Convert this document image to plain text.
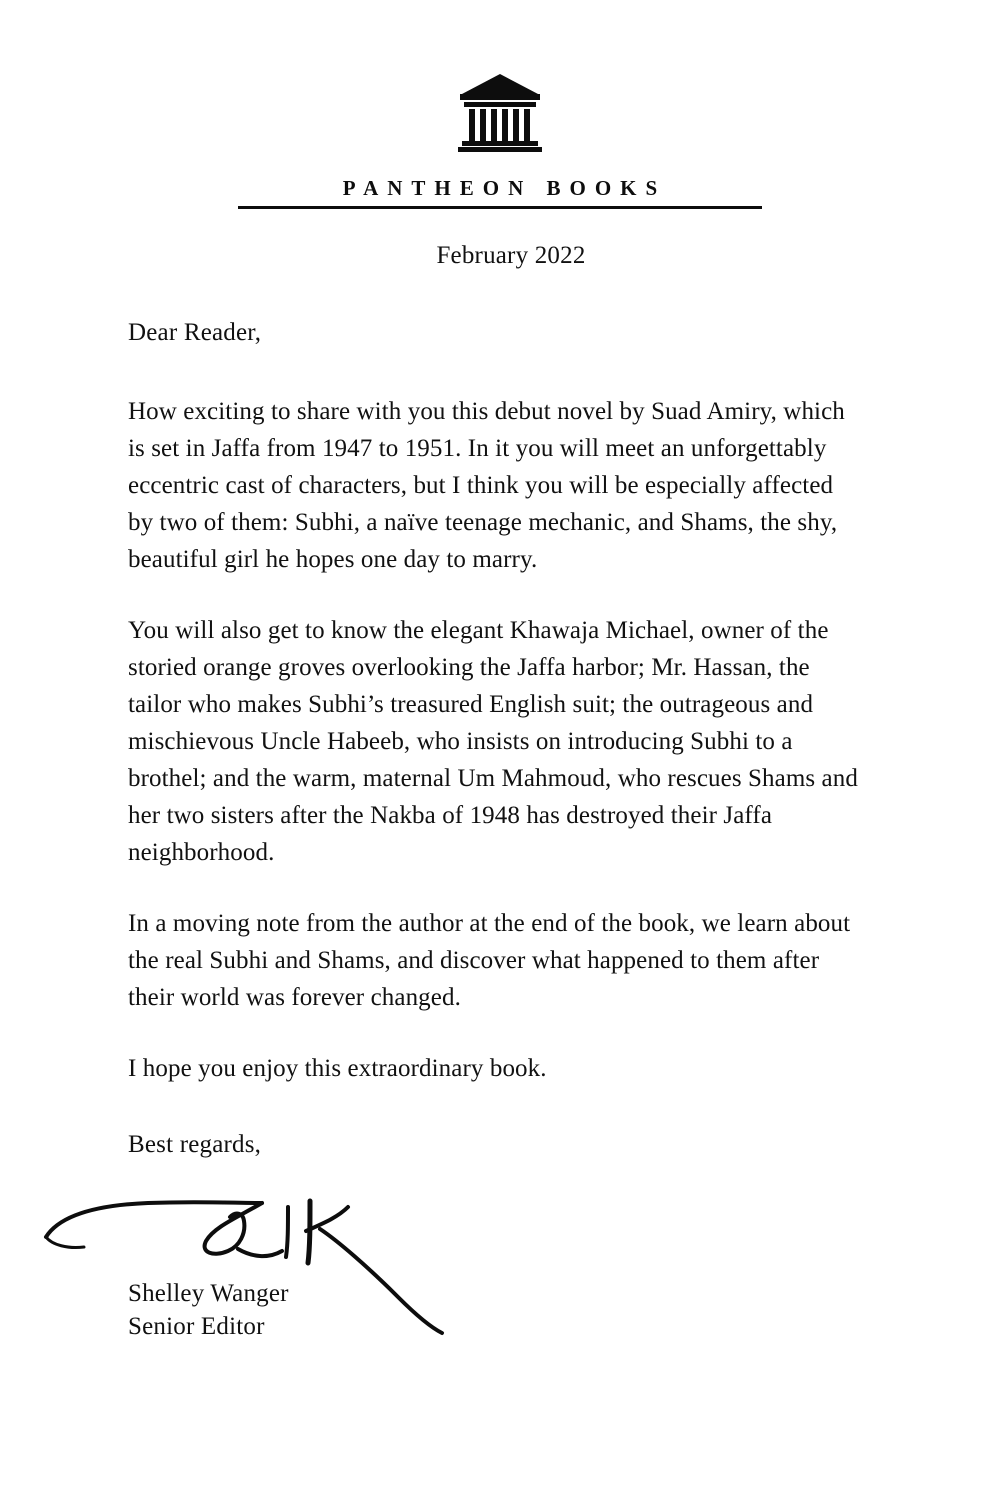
PANTHEON BOOKS
February 2022
Dear Reader,

How exciting to share with you this debut novel by Suad Amiry, which is set in Jaffa from 1947 to 1951. In it you will meet an unforgettably eccentric cast of characters, but I think you will be especially affected by two of them: Subhi, a naïve teenage mechanic, and Shams, the shy, beautiful girl he hopes one day to marry.

You will also get to know the elegant Khawaja Michael, owner of the storied orange groves overlooking the Jaffa harbor; Mr. Hassan, the tailor who makes Subhi’s treasured English suit; the outrageous and mischievous Uncle Habeeb, who insists on introducing Subhi to a brothel; and the warm, maternal Um Mahmoud, who rescues Shams and her two sisters after the Nakba of 1948 has destroyed their Jaffa neighborhood.

In a moving note from the author at the end of the book, we learn about the real Subhi and Shams, and discover what happened to them after their world was forever changed.

I hope you enjoy this extraordinary book.

Best regards,

Shelley Wanger
Senior Editor
